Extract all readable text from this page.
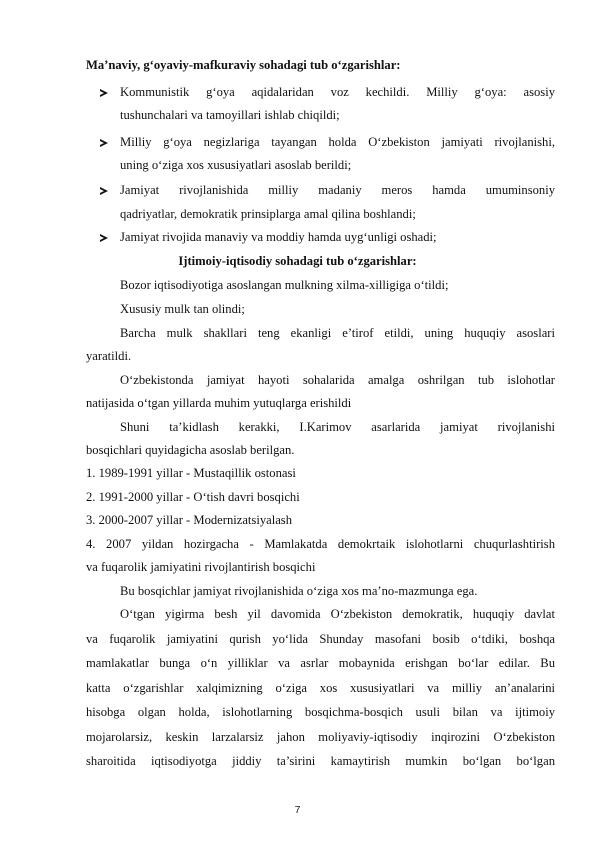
Ma’naviy, g‘oyaviy-mafkuraviy sohadagi tub o‘zgarishlar:
Kommunistik g‘oya aqidalaridan voz kechildi. Milliy g‘oya: asosiy
tushunchalari va tamoyillari ishlab chiqildi;
Milliy g‘oya negizlariga tayangan holda O‘zbekiston jamiyati rivojlanishi,
uning o‘ziga xos xususiyatlari asoslab berildi;
Jamiyat rivojlanishida milliy madaniy meros hamda umuminsoniy
qadriyatlar, demokratik prinsiplarga amal qilina boshlandi;
Jamiyat rivojida manaviy va moddiy hamda uyg‘unligi oshadi;
Ijtimoiy-iqtisodiy sohadagi tub o‘zgarishlar:
Bozor iqtisodiyotiga asoslangan mulkning xilma-xilligiga o‘tildi;
Xususiy mulk tan olindi;
Barcha mulk shakllari teng ekanligi e’tirof etildi, uning huquqiy asoslari
yaratildi.
O‘zbekistonda jamiyat hayoti sohalarida amalga oshrilgan tub islohotlar
natijasida o‘tgan yillarda muhim yutuqlarga erishildi
Shuni ta’kidlash kerakki, I.Karimov asarlarida jamiyat rivojlanishi
bosqichlari quyidagicha asoslab berilgan.
1. 1989-1991 yillar - Mustaqillik ostonasi
2. 1991-2000 yillar - O‘tish davri bosqichi
3. 2000-2007 yillar - Modernizatsiyalash
4. 2007 yildan hozirgacha - Mamlakatda demokrtaik islohotlarni chuqurlashtirish
va fuqarolik jamiyatini rivojlantirish bosqichi
Bu bosqichlar jamiyat rivojlanishida o‘ziga xos ma’no-mazmunga ega.
O‘tgan yigirma besh yil davomida O‘zbekiston demokratik, huquqiy davlat
va fuqarolik jamiyatini qurish yo‘lida Shunday masofani bosib o‘tdiki, boshqa
mamlakatlar bunga o‘n yilliklar va asrlar mobaynida erishgan bo‘lar edilar. Bu
katta o‘zgarishlar xalqimizning o‘ziga xos xususiyatlari va milliy an’analarini
hisobga olgan holda, islohotlarning bosqichma-bosqich usuli bilan va ijtimoiy
mojarolarsiz, keskin larzalarsiz jahon moliyaviy-iqtisodiy inqirozini O‘zbekiston
sharoitida iqtisodiyotga jiddiy ta’sirini kamaytirish mumkin bo‘lgan bo‘lgan
7
